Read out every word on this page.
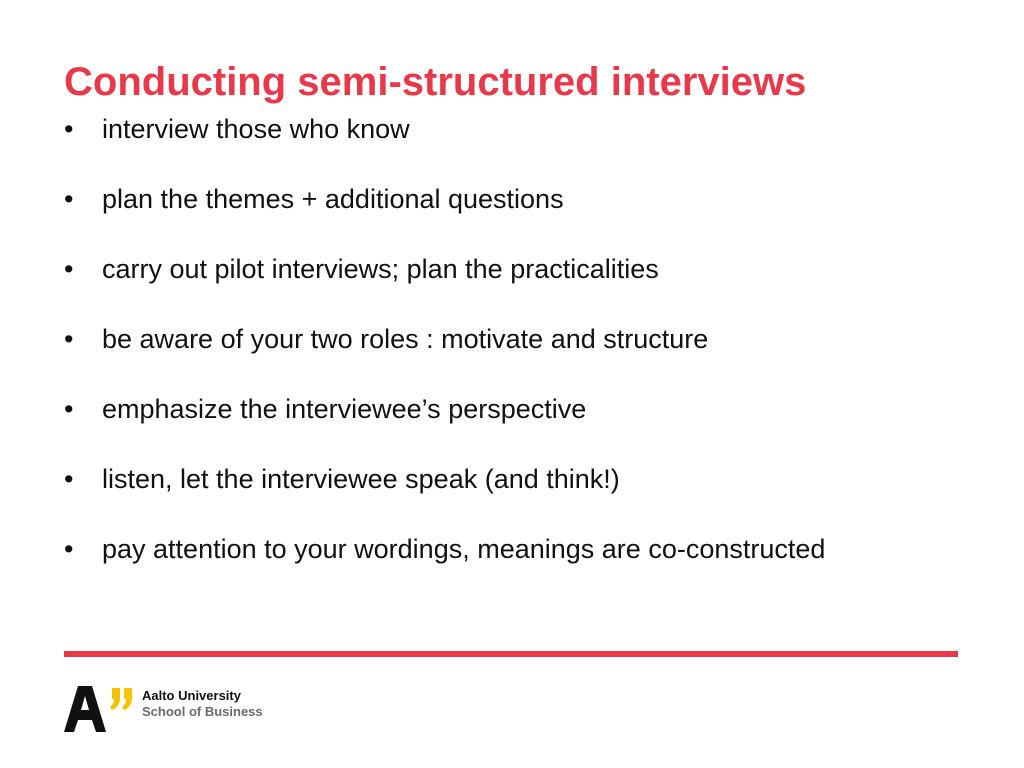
Conducting semi-structured interviews
•	interview those who know
•	plan the themes + additional questions
•	carry out pilot interviews; plan the practicalities
•	be aware of your two roles : motivate and structure
•	emphasize the interviewee’s perspective
•	listen, let the interviewee speak (and think!)
•	pay attention to your wordings, meanings are co-constructed
Aalto University
School of Business
